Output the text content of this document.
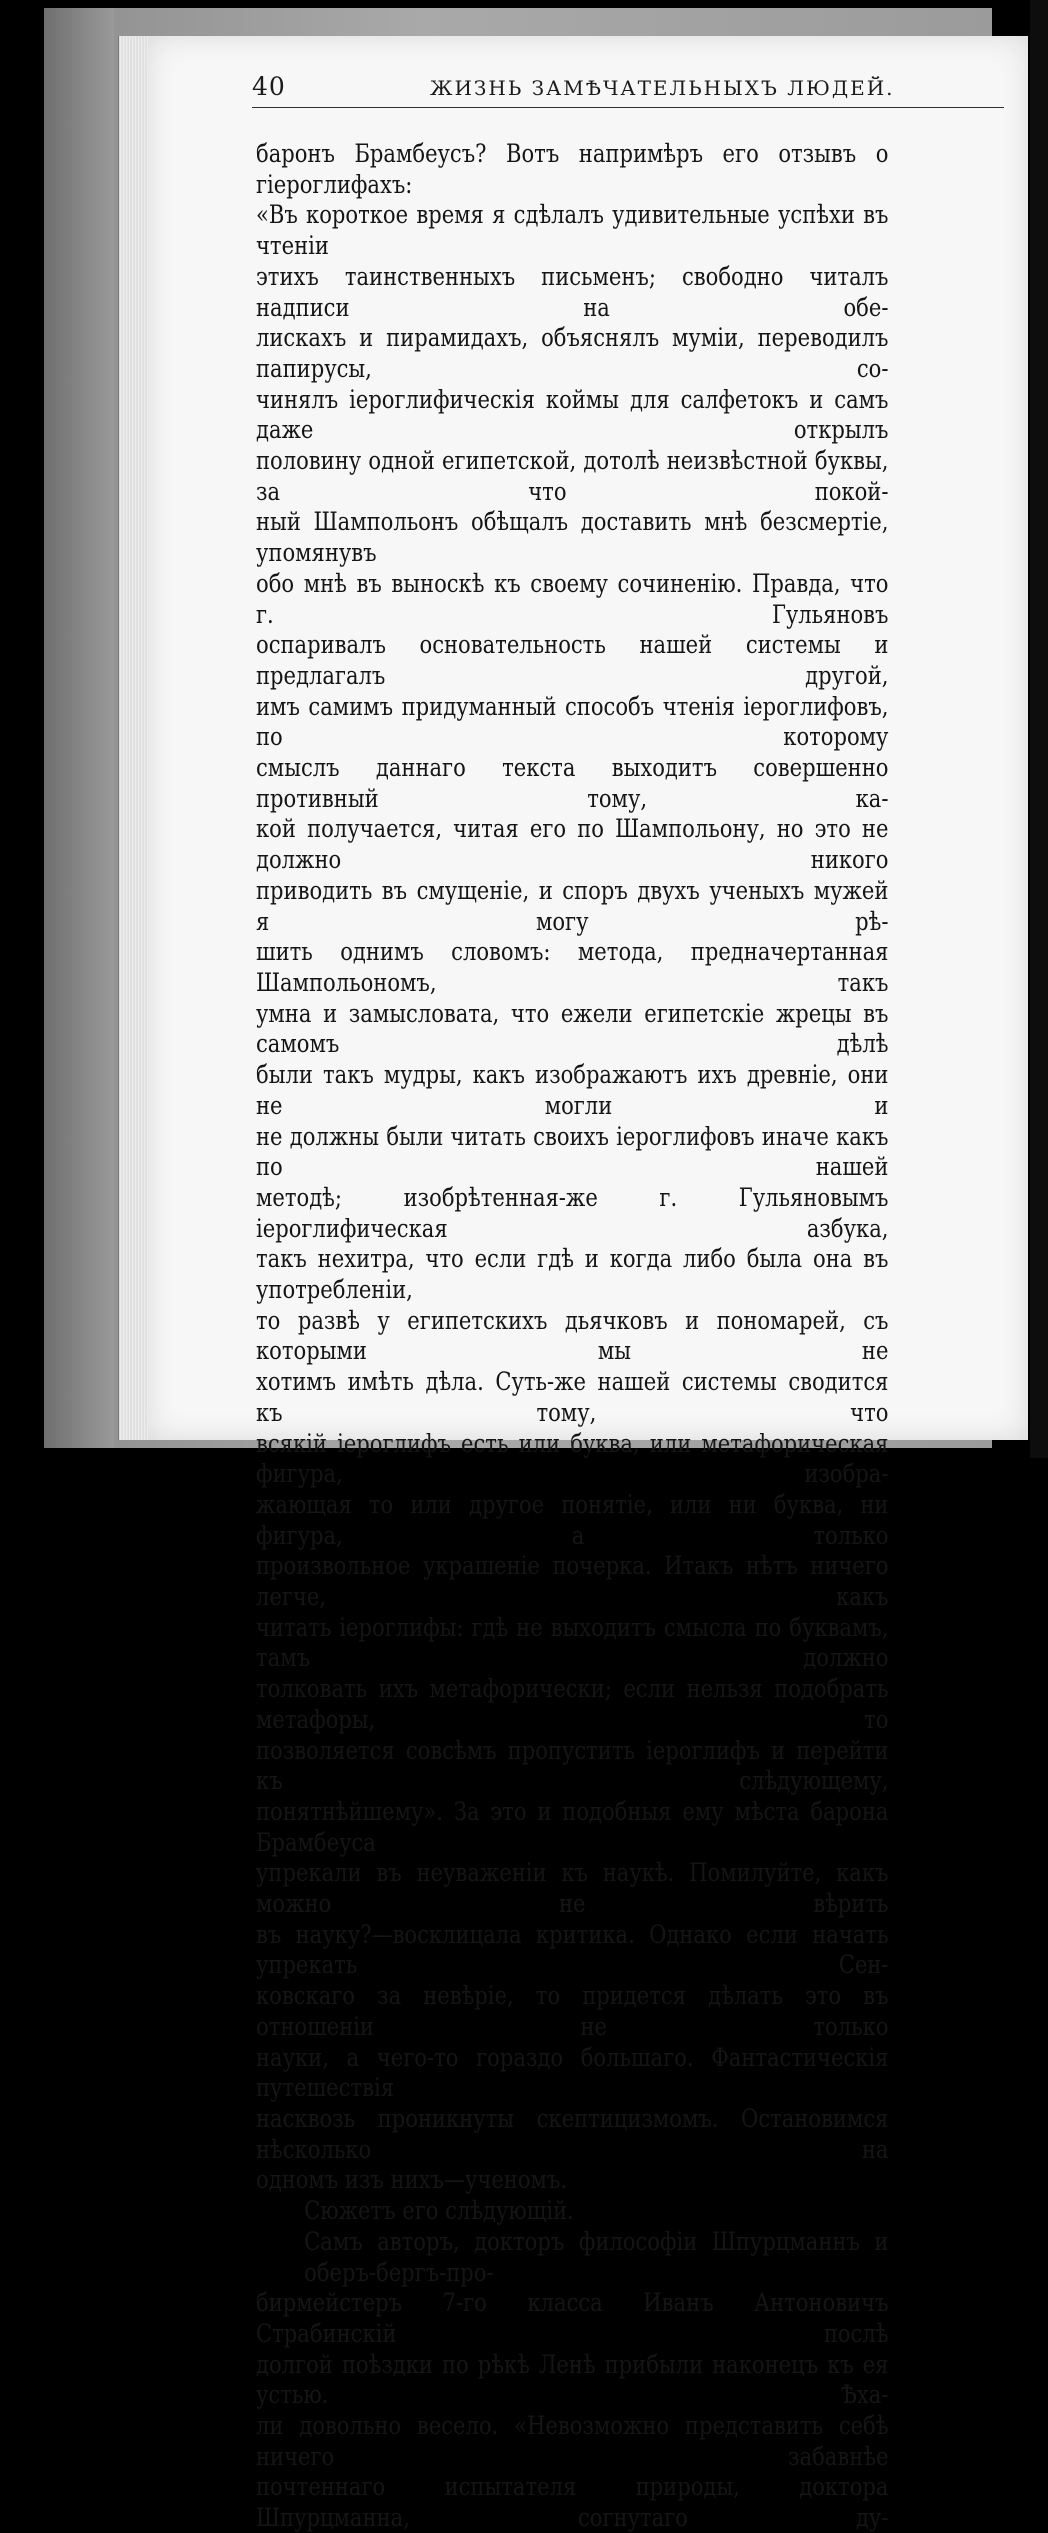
40	ЖИЗНЬ ЗАМѢЧАТЕЛЬНЫХЪ ЛЮДЕЙ.
баронъ Брамбеусъ? Вотъ напримѣръ его отзывъ о гіероглифахъ:
«Въ короткое время я сдѣлалъ удивительные успѣхи въ чтеніи
этихъ таинственныхъ письменъ; свободно читалъ надписи на обе-
лискахъ и пирамидахъ, объяснялъ муміи, переводилъ папирусы, со-
чинялъ іероглифическія коймы для салфетокъ и самъ даже открылъ
половину одной египетской, дотолѣ неизвѣстной буквы, за что покой-
ный Шампольонъ обѣщалъ доставить мнѣ безсмертіе, упомянувъ
обо мнѣ въ выноскѣ къ своему сочиненію. Правда, что г. Гульяновъ
оспаривалъ основательность нашей системы и предлагалъ другой,
имъ самимъ придуманный способъ чтенія іероглифовъ, по которому
смыслъ даннаго текста выходитъ совершенно противный тому, ка-
кой получается, читая его по Шампольону, но это не должно никого
приводить въ смущеніе, и споръ двухъ ученыхъ мужей я могу рѣ-
шить однимъ словомъ: метода, предначертанная Шампольономъ, такъ
умна и замысловата, что ежели египетскіе жрецы въ самомъ дѣлѣ
были такъ мудры, какъ изображаютъ ихъ древніе, они не могли и
не должны были читать своихъ іероглифовъ иначе какъ по нашей
методѣ; изобрѣтенная-же г. Гульяновымъ іероглифическая азбука,
такъ нехитра, что если гдѣ и когда либо была она въ употребленіи,
то развѣ у египетскихъ дьячковъ и пономарей, съ которыми мы не
хотимъ имѣть дѣла. Суть-же нашей системы сводится къ тому, что
всякій іероглифъ есть или буква, или метафорическая фигура, изобра-
жающая то или другое понятіе, или ни буква, ни фигура, а только
произвольное украшеніе почерка. Итакъ нѣтъ ничего легче, какъ
читать іероглифы: гдѣ не выходитъ смысла по буквамъ, тамъ должно
толковать ихъ метафорически; если нельзя подобрать метафоры, то
позволяется совсѣмъ пропустить іероглифъ и перейти къ слѣдующему,
понятнѣйшему». За это и подобныя ему мѣста барона Брамбеуса
упрекали въ неуваженіи къ наукѣ. Помилуйте, какъ можно не вѣрить
въ науку?—восклицала критика. Однако если начать упрекать Сен-
ковскаго за невѣріе, то придется дѣлать это въ отношеніи не только
науки, а чего-то гораздо большаго. Фантастическія путешествія
насквозь проникнуты скептицизмомъ. Остановимся нѣсколько на
одномъ изъ нихъ—ученомъ.
Сюжетъ его слѣдующій.
Самъ авторъ, докторъ философіи Шпурцманнъ и оберъ-бергъ-про-
бирмейстеръ 7-го класса Иванъ Антоновичъ Страбинскій послѣ
долгой поѣздки по рѣкѣ Ленѣ прибыли наконецъ къ ея устью. Ѣха-
ли довольно весело. «Невозможно представить себѣ ничего забавнѣе
почтеннаго испытателя природы, доктора Шпурцманна, согнутаго ду-
